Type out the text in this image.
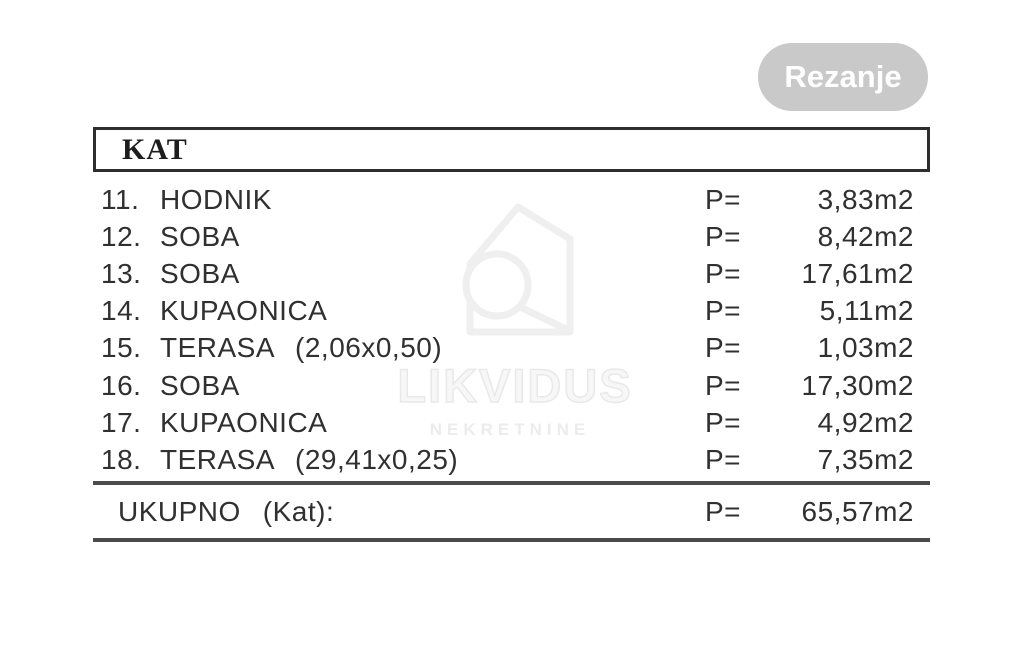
Rezanje
LIKVIDUS
NEKRETNINE
KAT
11. HODNIK	P=	3,83m2
12. SOBA	P=	8,42m2
13. SOBA	P= 17,61m2
14. KUPAONICA	P=	5,11m2
15. TERASA (2,06x0,50)	P=	1,03m2
16. SOBA	P= 17,30m2
17. KUPAONICA	P=	4,92m2
18. TERASA (29,41x0,25)	P=	7,35m2
UKUPNO (Kat):	P= 65,57m2
